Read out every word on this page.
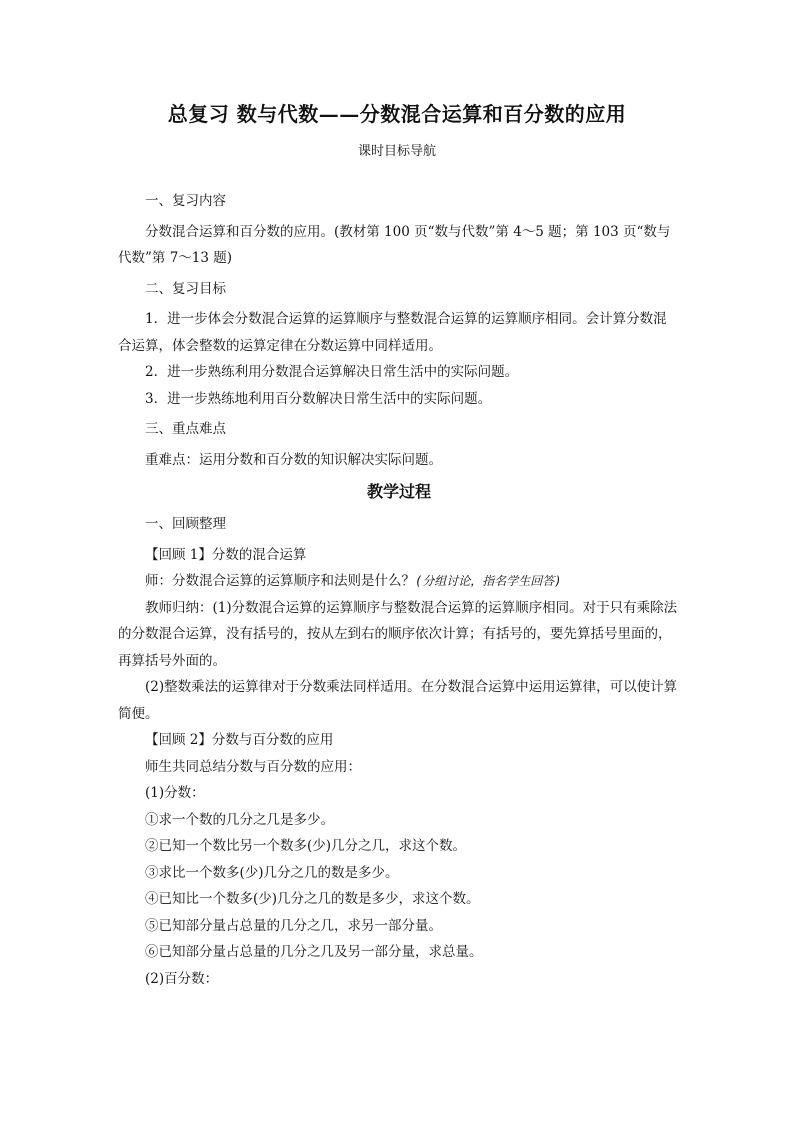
总复习 数与代数——分数混合运算和百分数的应用
课时目标导航

一、复习内容

分数混合运算和百分数的应用。(教材第 100 页“数与代数”第 4～5 题；第 103 页“数与代数”第 7～13 题)

二、复习目标

1．进一步体会分数混合运算的运算顺序与整数混合运算的运算顺序相同。会计算分数混合运算，体会整数的运算定律在分数运算中同样适用。

2．进一步熟练利用分数混合运算解决日常生活中的实际问题。

3．进一步熟练地利用百分数解决日常生活中的实际问题。

三、重点难点

重难点：运用分数和百分数的知识解决实际问题。

教学过程

一、回顾整理

【回顾 1】分数的混合运算

师：分数混合运算的运算顺序和法则是什么？(分组讨论，指名学生回答)

教师归纳：(1)分数混合运算的运算顺序与整数混合运算的运算顺序相同。对于只有乘除法的分数混合运算，没有括号的，按从左到右的顺序依次计算；有括号的，要先算括号里面的，再算括号外面的。

(2)整数乘法的运算律对于分数乘法同样适用。在分数混合运算中运用运算律，可以使计算简便。

【回顾 2】分数与百分数的应用

师生共同总结分数与百分数的应用：

(1)分数：

①求一个数的几分之几是多少。

②已知一个数比另一个数多(少)几分之几，求这个数。

③求比一个数多(少)几分之几的数是多少。

④已知比一个数多(少)几分之几的数是多少，求这个数。

⑤已知部分量占总量的几分之几，求另一部分量。

⑥已知部分量占总量的几分之几及另一部分量，求总量。

(2)百分数：
